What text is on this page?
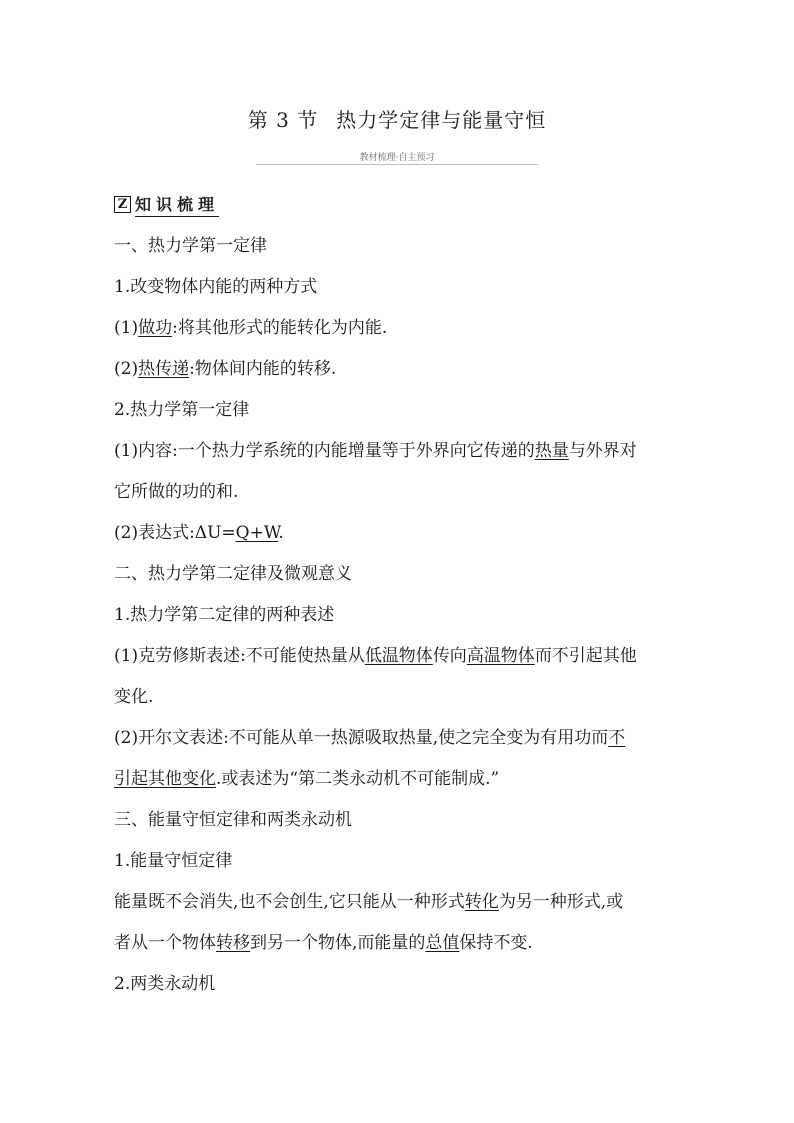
第 3 节 热力学定律与能量守恒
教材梳理·自主预习
Z 知识梳理

一、热力学第一定律

1.改变物体内能的两种方式

(1)做功:将其他形式的能转化为内能.

(2)热传递:物体间内能的转移.

2.热力学第一定律

(1)内容:一个热力学系统的内能增量等于外界向它传递的热量与外界对

它所做的功的和.

(2)表达式:ΔU=Q+W.

二、热力学第二定律及微观意义

1.热力学第二定律的两种表述

(1)克劳修斯表述:不可能使热量从低温物体传向高温物体而不引起其他

变化.

(2)开尔文表述:不可能从单一热源吸取热量,使之完全变为有用功而不

引起其他变化.或表述为“第二类永动机不可能制成.”

三、能量守恒定律和两类永动机

1.能量守恒定律

能量既不会消失,也不会创生,它只能从一种形式转化为另一种形式,或

者从一个物体转移到另一个物体,而能量的总值保持不变.

2.两类永动机
